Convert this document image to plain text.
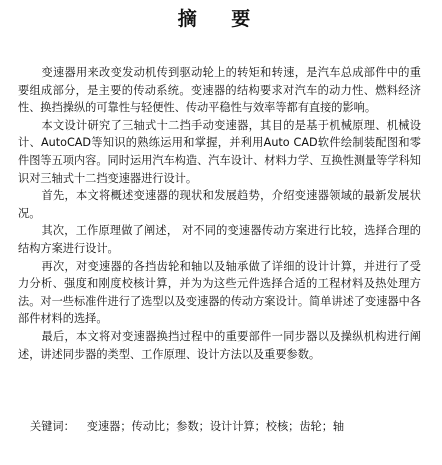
摘 要

变速器用来改变发动机传到驱动轮上的转矩和转速，是汽车总成部件中的重要组成部分，是主要的传动系统。变速器的结构要求对汽车的动力性、燃料经济性、换挡操纵的可靠性与轻便性、传动平稳性与效率等都有直接的影响。

本文设计研究了三轴式十二挡手动变速器，其目的是基于机械原理、机械设计、AutoCAD等知识的熟练运用和掌握，并利用Auto CAD软件绘制装配图和零件图等五项内容。同时运用汽车构造、汽车设计、材料力学、互换性测量等学科知识对三轴式十二挡变速器进行设计。

首先，本文将概述变速器的现状和发展趋势，介绍变速器领域的最新发展状况。

其次，工作原理做了阐述， 对不同的变速器传动方案进行比较，选择合理的结构方案进行设计。

再次，对变速器的各挡齿轮和轴以及轴承做了详细的设计计算，并进行了受力分析、强度和刚度校核计算，并为为这些元件选择合适的工程材料及热处理方法。对一些标准件进行了选型以及变速器的传动方案设计。简单讲述了变速器中各部件材料的选择。

最后，本文将对变速器换挡过程中的重要部件一同步器以及操纵机构进行阐述，讲述同步器的类型、工作原理、设计方法以及重要参数。

关键词： 变速器；传动比；参数；设计计算；校核；齿轮；轴
